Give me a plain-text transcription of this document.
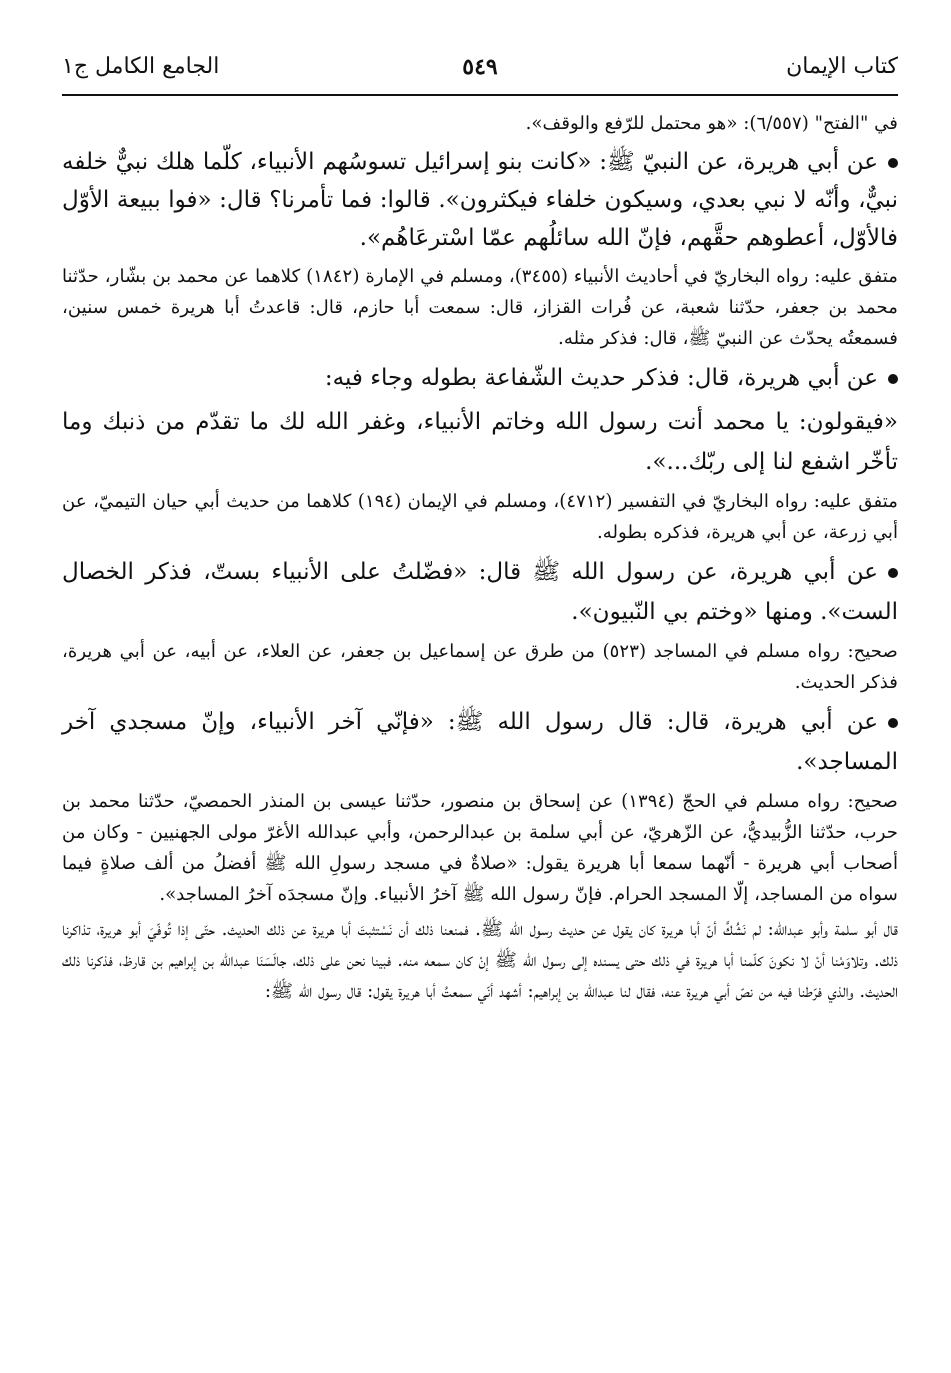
كتاب الإيمان
٥٤٩
الجامع الكامل ج١

في "الفتح" (٦/٥٥٧): «هو محتمل للرّفع والوقف».

عن أبي هريرة، عن النبيّ ﷺ: «كانت بنو إسرائيل تسوسُهم الأنبياء، كلّما هلك نبيٌّ خلفه نبيٌّ، وأنّه لا نبي بعدي، وسيكون خلفاء فيكثرون». قالوا: فما تأمرنا؟ قال: «فوا ببيعة الأوّل فالأوّل، أعطوهم حقَّهم، فإنّ الله سائلُهم عمّا اسْترعَاهُم».

متفق عليه: رواه البخاريّ في أحاديث الأنبياء (٣٤٥٥)، ومسلم في الإمارة (١٨٤٢) كلاهما عن محمد بن بشّار، حدّثنا محمد بن جعفر، حدّثنا شعبة، عن فُرات القزاز، قال: سمعت أبا حازم، قال: قاعدتُ أبا هريرة خمس سنين، فسمعتُه يحدّث عن النبيّ ﷺ، قال: فذكر مثله.

عن أبي هريرة، قال: فذكر حديث الشّفاعة بطوله وجاء فيه:

«فيقولون: يا محمد أنت رسول الله وخاتم الأنبياء، وغفر الله لك ما تقدّم من ذنبك وما تأخّر اشفع لنا إلى ربّك...».

متفق عليه: رواه البخاريّ في التفسير (٤٧١٢)، ومسلم في الإيمان (١٩٤) كلاهما من حديث أبي حيان التيميّ، عن أبي زرعة، عن أبي هريرة، فذكره بطوله.

عن أبي هريرة، عن رسول الله ﷺ قال: «فضّلتُ على الأنبياء بستّ، فذكر الخصال الست». ومنها «وختم بي النّبيون».

صحيح: رواه مسلم في المساجد (٥٢٣) من طرق عن إسماعيل بن جعفر، عن العلاء، عن أبيه، عن أبي هريرة، فذكر الحديث.

عن أبي هريرة، قال: قال رسول الله ﷺ: «فإنّي آخر الأنبياء، وإنّ مسجدي آخر المساجد».

صحيح: رواه مسلم في الحجّ (١٣٩٤) عن إسحاق بن منصور، حدّثنا عيسى بن المنذر الحمصيّ، حدّثنا محمد بن حرب، حدّثنا الزُّبيديُّ، عن الزّهريّ، عن أبي سلمة بن عبدالرحمن، وأبي عبدالله الأغرّ مولى الجهنيين - وكان من أصحاب أبي هريرة - أنّهما سمعا أبا هريرة يقول: «صلاةٌ في مسجد رسولِ الله ﷺ أفضلُ من ألف صلاةٍ فيما سواه من المساجد، إلّا المسجد الحرام. فإنّ رسول الله ﷺ آخرُ الأنبياء. وإنّ مسجدَه آخرُ المساجد».

قال أبو سلمة وأبو عبدالله: لم نَشُكَّ أنّ أبا هريرة كان يقول عن حديث رسول الله ﷺ. فمنعنا ذلك أن نَسْتثبتَ أبا هريرة عن ذلك الحديث. حتّى إذا تُوفّيَ أبو هريرة، تذاكرنا ذلك. وتلاوَمْنا أنْ لا نكونَ كلّمنا أبا هريرة في ذلك حتى يسنده إلى رسول الله ﷺ إنْ كان سمعه منه. فبينا نحن على ذلك، جالَسَنَا عبدالله بن إبراهيم بن قارظ، فذكرنا ذلك الحديث. والذي فرّطنا فيه من نصّ أبي هريرة عنه، فقال لنا عبدالله بن إبراهيم: أشهد أنّي سمعتُ أبا هريرة يقول: قال رسول الله ﷺ:
